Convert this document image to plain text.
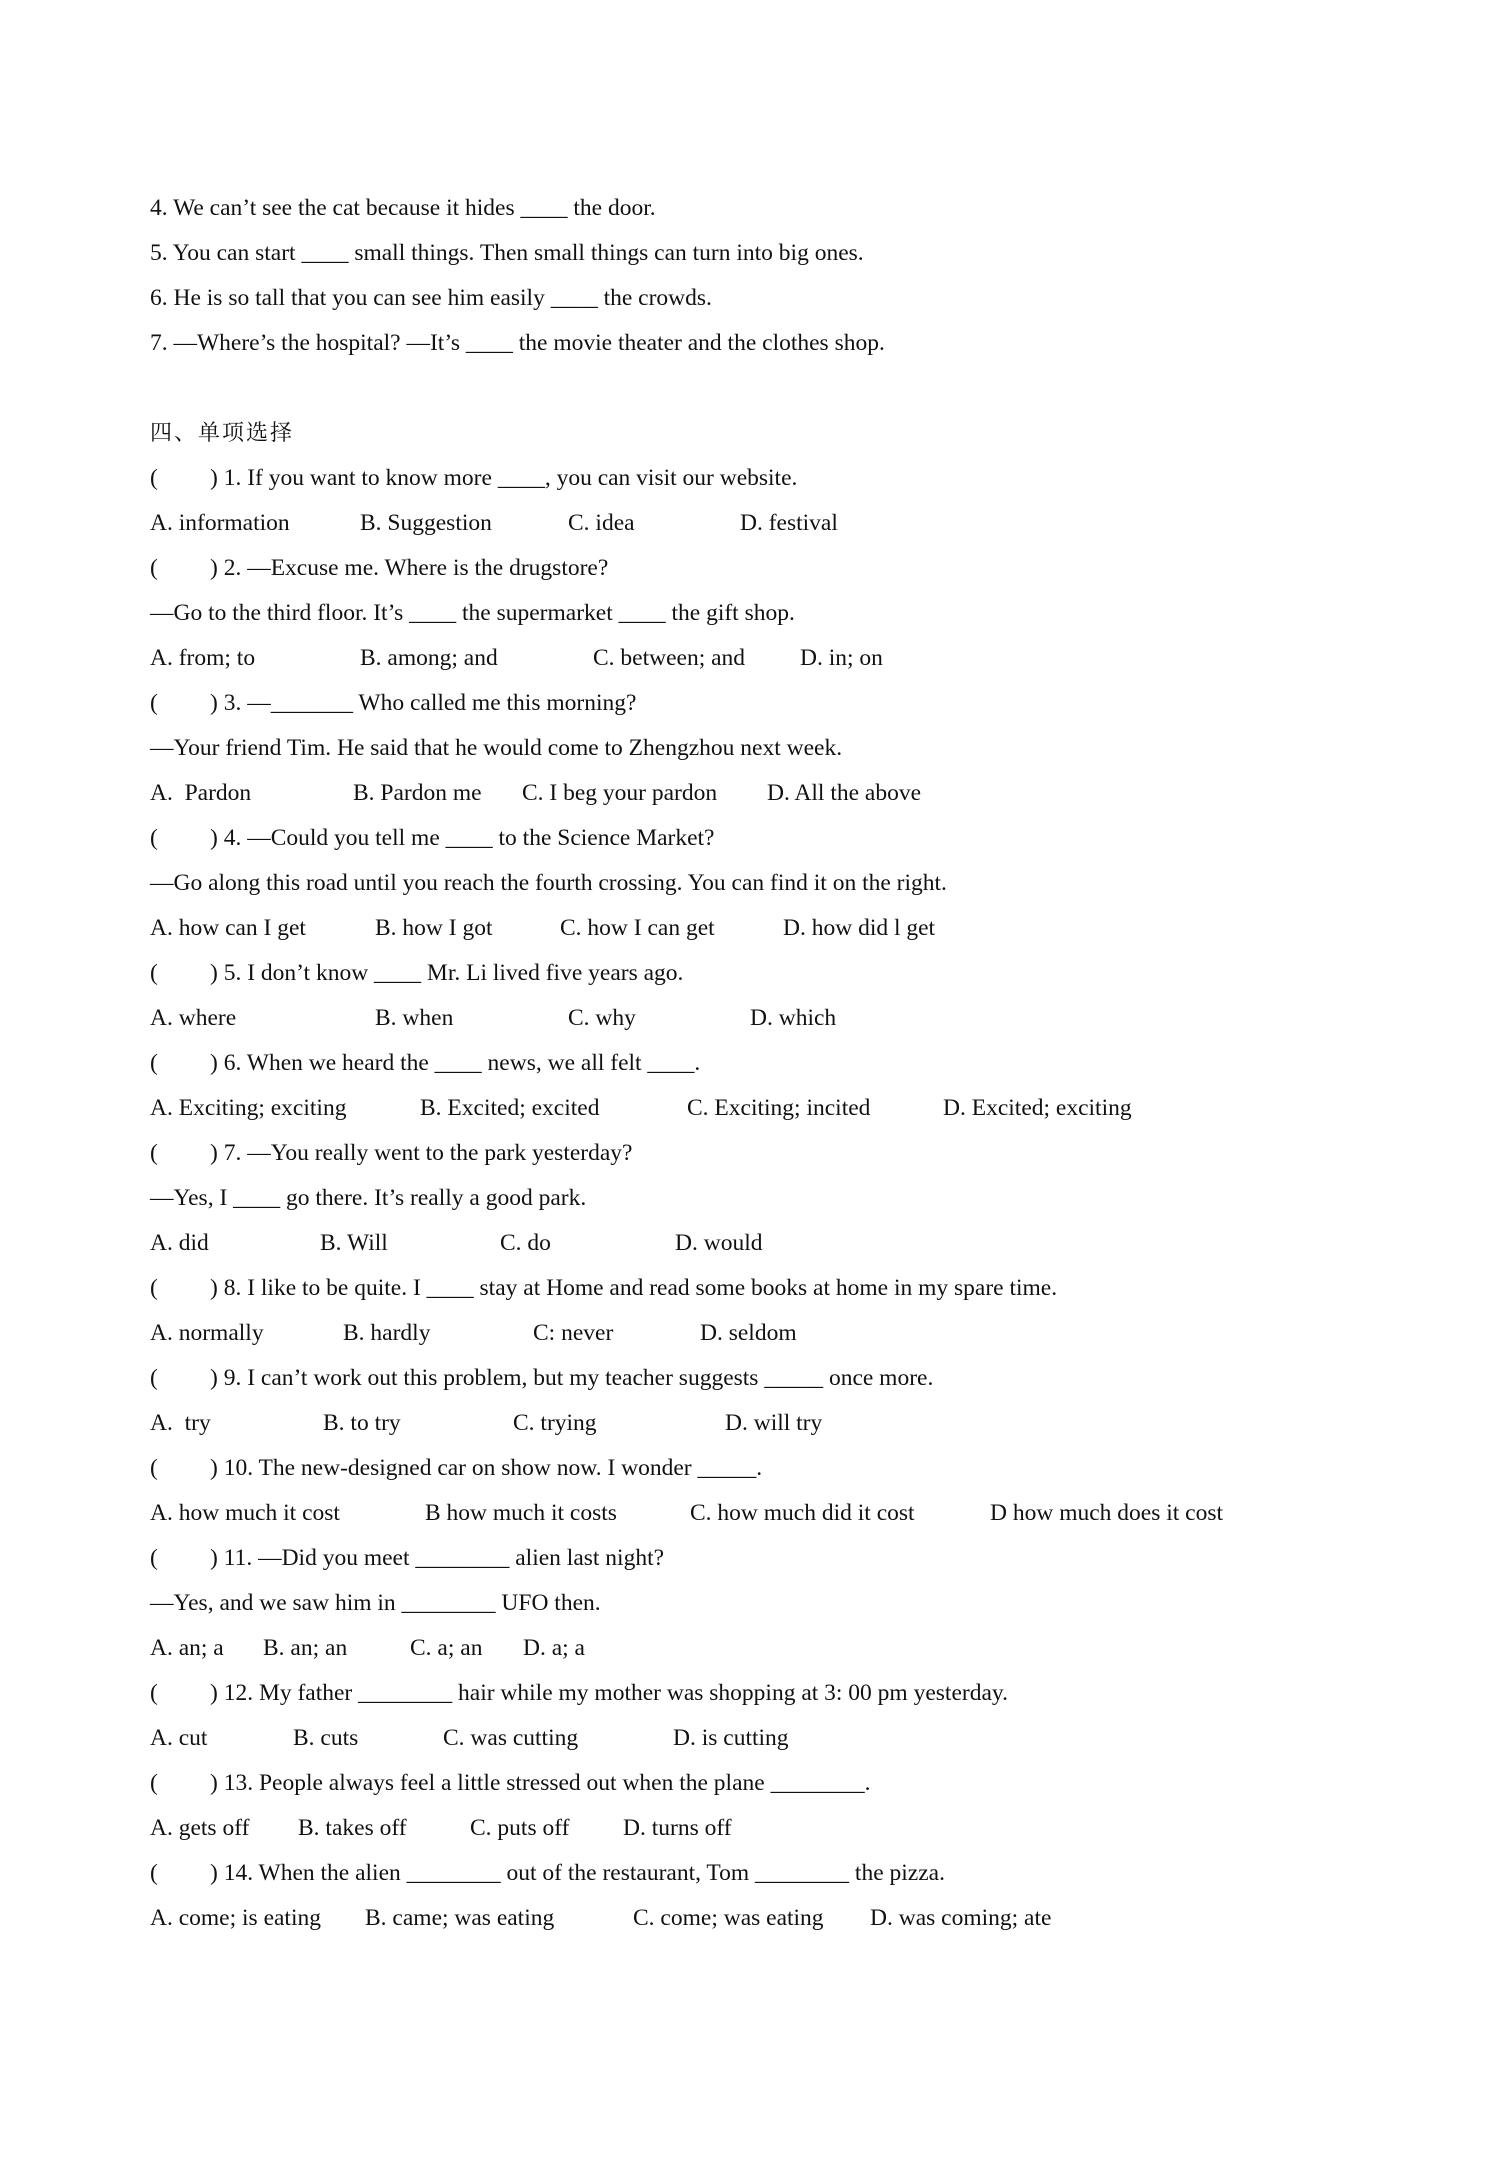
4. We can’t see the cat because it hides ____ the door.
5. You can start ____ small things. Then small things can turn into big ones.
6. He is so tall that you can see him easily ____ the crowds.
7. —Where’s the hospital? —It’s ____ the movie theater and the clothes shop.
四、单项选择
( ) 1. If you want to know more ____, you can visit our website.

A. information

	B. Suggestion

	C. idea

	D. festival

( ) 2. —Excuse me. Where is the drugstore?
—Go to the third floor. It’s ____ the supermarket ____ the gift shop.

A. from; to

	B. among; and

	C. between; and

D. in; on

( ) 3. —_______ Who called me this morning?
—Your friend Tim. He said that he would come to Zhengzhou next week.

A.  Pardon

	B. Pardon me

C. I beg your pardon

D. All the above

( ) 4. —Could you tell me ____ to the Science Market?
—Go along this road until you reach the fourth crossing. You can find it on the right.

A. how can I get

	B. how I got

	C. how I can get

	D. how did l get

( ) 5. I don’t know ____ Mr. Li lived five years ago.

A. where

	B. when

	C. why

	D. which

( ) 6. When we heard the ____ news, we all felt ____.

A. Exciting; exciting

	B. Excited; excited

	C. Exciting; incited

	D. Excited; exciting

( ) 7. —You really went to the park yesterday?
—Yes, I ____ go there. It’s really a good park.

A. did

	B. Will

	C. do

	D. would

( ) 8. I like to be quite. I ____ stay at Home and read some books at home in my spare time.

A. normally

	B. hardly

	C: never

	D. seldom

( ) 9. I can’t work out this problem, but my teacher suggests _____ once more.

A.  try

	B. to try

	C. trying

	D. will try

( ) 10. The new-designed car on show now. I wonder _____.

A. how much it cost

	B how much it costs

	C. how much did it cost

	D how much does it cost

( ) 11. —Did you meet ________ alien last night?
—Yes, and we saw him in ________ UFO then.

A. an; a

B. an; an

	C. a; an

D. a; a

( ) 12. My father ________ hair while my mother was shopping at 3: 00 pm yesterday.

A. cut

	B. cuts

	C. was cutting

	D. is cutting

( ) 13. People always feel a little stressed out when the plane ________.

A. gets off

B. takes off

	C. puts off

D. turns off

( ) 14. When the alien ________ out of the restaurant, Tom ________ the pizza.

A. come; is eating

B. came; was eating

	C. come; was eating

D. was coming; ate
